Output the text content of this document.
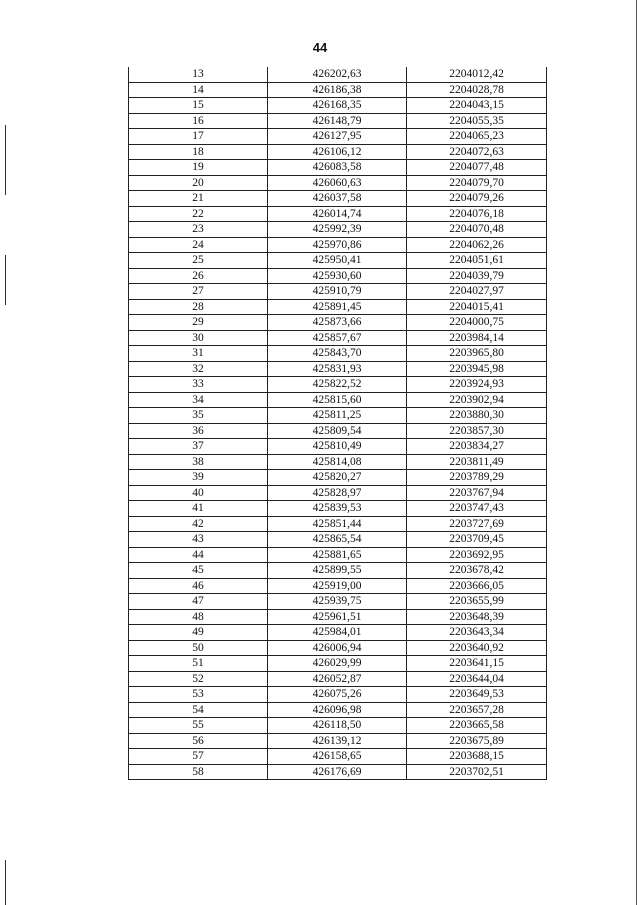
44
13	426202,63	2204012,42
14	426186,38	2204028,78
15	426168,35	2204043,15
16	426148,79	2204055,35
17	426127,95	2204065,23
18	426106,12	2204072,63
19	426083,58	2204077,48
20	426060,63	2204079,70
21	426037,58	2204079,26
22	426014,74	2204076,18
23	425992,39	2204070,48
24	425970,86	2204062,26
25	425950,41	2204051,61
26	425930,60	2204039,79
27	425910,79	2204027,97
28	425891,45	2204015,41
29	425873,66	2204000,75
30	425857,67	2203984,14
31	425843,70	2203965,80
32	425831,93	2203945,98
33	425822,52	2203924,93
34	425815,60	2203902,94
35	425811,25	2203880,30
36	425809,54	2203857,30
37	425810,49	2203834,27
38	425814,08	2203811,49
39	425820,27	2203789,29
40	425828,97	2203767,94
41	425839,53	2203747,43
42	425851,44	2203727,69
43	425865,54	2203709,45
44	425881,65	2203692,95
45	425899,55	2203678,42
46	425919,00	2203666,05
47	425939,75	2203655,99
48	425961,51	2203648,39
49	425984,01	2203643,34
50	426006,94	2203640,92
51	426029,99	2203641,15
52	426052,87	2203644,04
53	426075,26	2203649,53
54	426096,98	2203657,28
55	426118,50	2203665,58
56	426139,12	2203675,89
57	426158,65	2203688,15
58	426176,69	2203702,51
